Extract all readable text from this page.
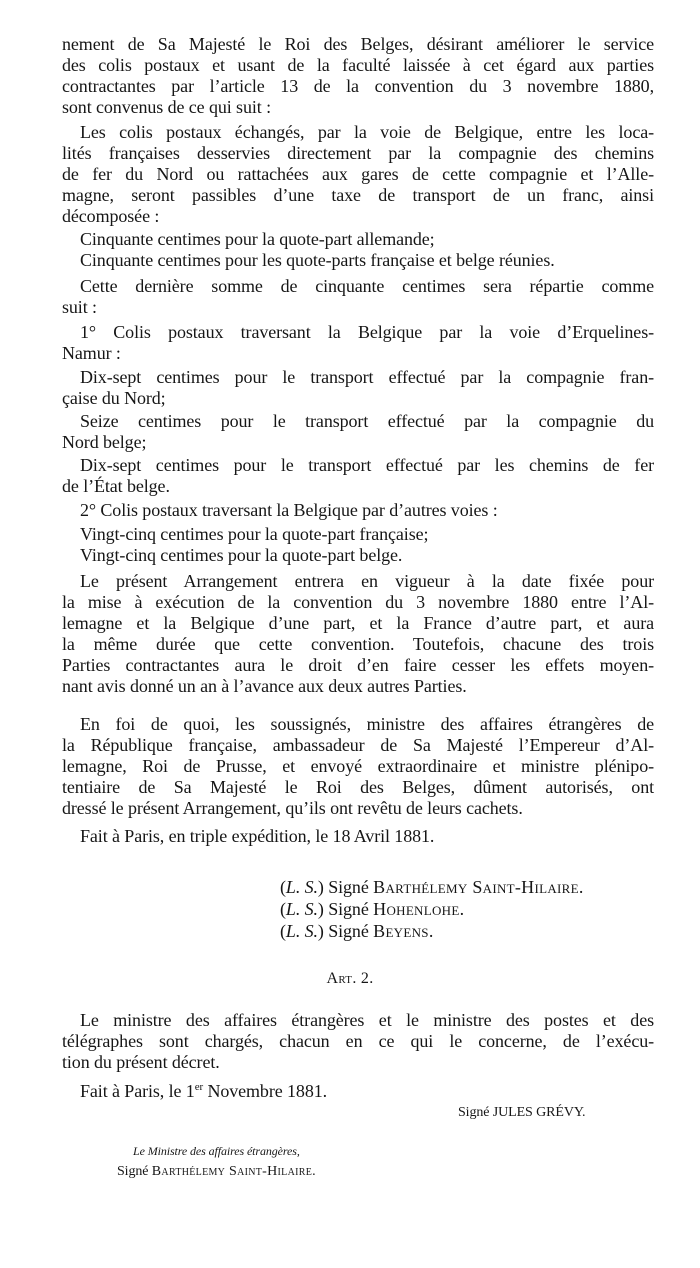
nement de Sa Majesté le Roi des Belges, désirant améliorer le service
des colis postaux et usant de la faculté laissée à cet égard aux parties
contractantes par l’article 13 de la convention du 3 novembre 1880,
sont convenus de ce qui suit :
Les colis postaux échangés, par la voie de Belgique, entre les loca-
lités françaises desservies directement par la compagnie des chemins
de fer du Nord ou rattachées aux gares de cette compagnie et l’Alle-
magne, seront passibles d’une taxe de transport de un franc, ainsi
décomposée :
Cinquante centimes pour la quote-part allemande;
Cinquante centimes pour les quote-parts française et belge réunies.
Cette dernière somme de cinquante centimes sera répartie comme
suit :
1° Colis postaux traversant la Belgique par la voie d’Erquelines-
Namur :
Dix-sept centimes pour le transport effectué par la compagnie fran-
çaise du Nord;
Seize centimes pour le transport effectué par la compagnie du
Nord belge;
Dix-sept centimes pour le transport effectué par les chemins de fer
de l’État belge.
2° Colis postaux traversant la Belgique par d’autres voies :
Vingt-cinq centimes pour la quote-part française;
Vingt-cinq centimes pour la quote-part belge.
Le présent Arrangement entrera en vigueur à la date fixée pour
la mise à exécution de la convention du 3 novembre 1880 entre l’Al-
lemagne et la Belgique d’une part, et la France d’autre part, et aura
la même durée que cette convention. Toutefois, chacune des trois
Parties contractantes aura le droit d’en faire cesser les effets moyen-
nant avis donné un an à l’avance aux deux autres Parties.
En foi de quoi, les soussignés, ministre des affaires étrangères de
la République française, ambassadeur de Sa Majesté l’Empereur d’Al-
lemagne, Roi de Prusse, et envoyé extraordinaire et ministre plénipo-
tentiaire de Sa Majesté le Roi des Belges, dûment autorisés, ont
dressé le présent Arrangement, qu’ils ont revêtu de leurs cachets.
Fait à Paris, en triple expédition, le 18 Avril 1881.
(L. S.) Signé Barthélemy Saint-Hilaire.
(L. S.) Signé Hohenlohe.
(L. S.) Signé Beyens.
Art. 2.
Le ministre des affaires étrangères et le ministre des postes et des
télégraphes sont chargés, chacun en ce qui le concerne, de l’exécu-
tion du présent décret.
Fait à Paris, le 1er Novembre 1881.
Signé JULES GRÉVY.
Le Ministre des affaires étrangères,
Signé Barthélemy Saint-Hilaire.
